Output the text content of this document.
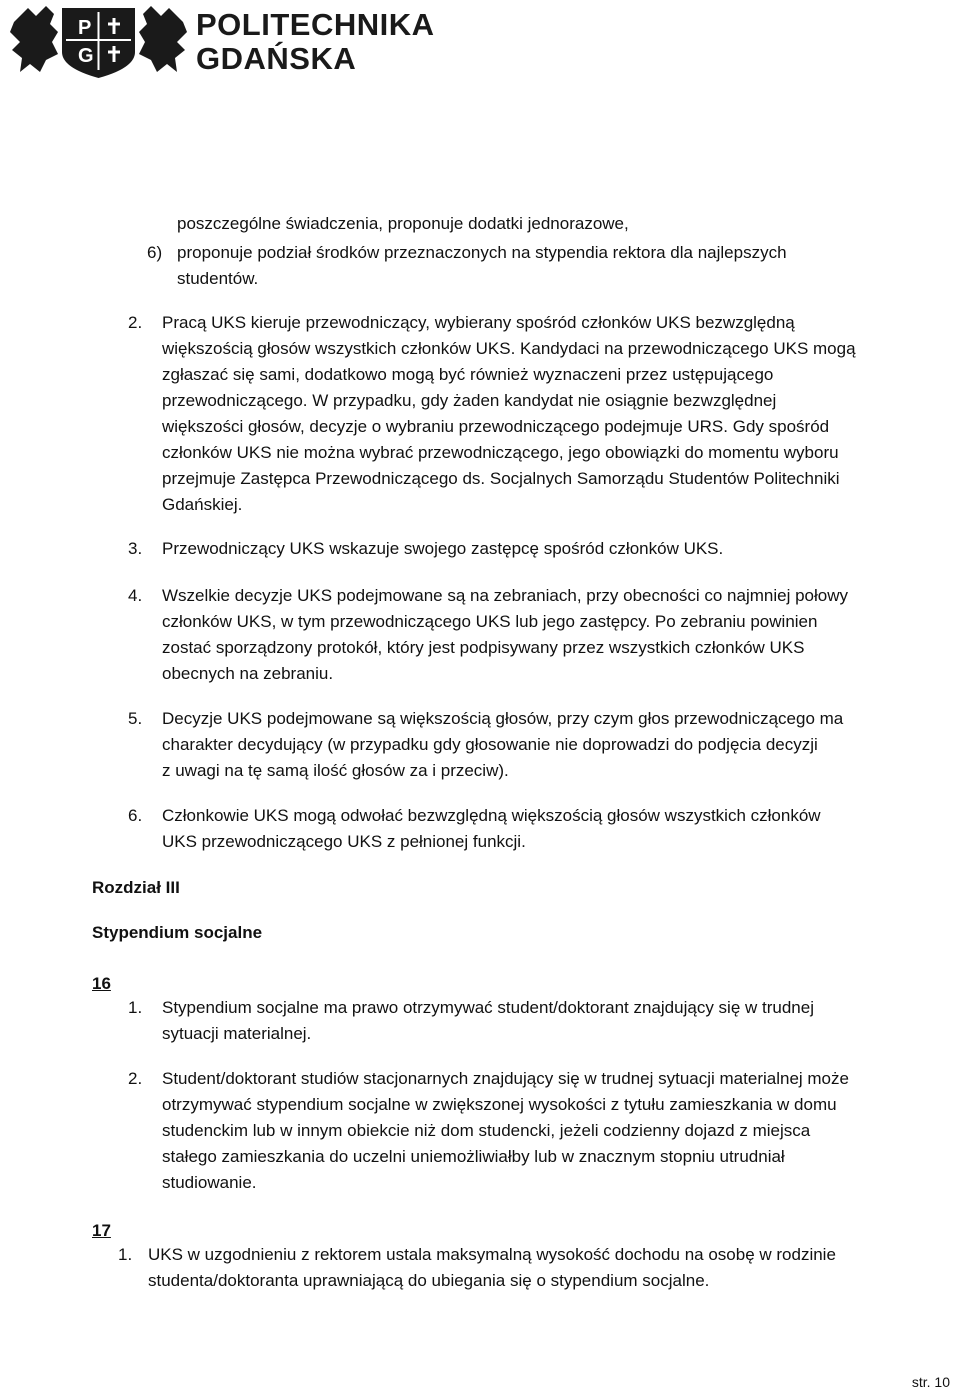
P
G
POLITECHNIKA
GDAŃSKA
poszczególne świadczenia, proponuje dodatki jednorazowe,
6) proponuje podział środków przeznaczonych na stypendia rektora dla najlepszych
studentów.
2. Pracą UKS kieruje przewodniczący, wybierany spośród członków UKS bezwzględną
większością głosów wszystkich członków UKS. Kandydaci na przewodniczącego UKS mogą
zgłaszać się sami, dodatkowo mogą być również wyznaczeni przez ustępującego
przewodniczącego. W przypadku, gdy żaden kandydat nie osiągnie bezwzględnej
większości głosów, decyzje o wybraniu przewodniczącego podejmuje URS. Gdy spośród
członków UKS nie można wybrać przewodniczącego, jego obowiązki do momentu wyboru
przejmuje Zastępca Przewodniczącego ds. Socjalnych Samorządu Studentów Politechniki
Gdańskiej.
3. Przewodniczący UKS wskazuje swojego zastępcę spośród członków UKS.
4. Wszelkie decyzje UKS podejmowane są na zebraniach, przy obecności co najmniej połowy
członków UKS, w tym przewodniczącego UKS lub jego zastępcy. Po zebraniu powinien
zostać sporządzony protokół, który jest podpisywany przez wszystkich członków UKS
obecnych na zebraniu.
5. Decyzje UKS podejmowane są większością głosów, przy czym głos przewodniczącego ma
charakter decydujący (w przypadku gdy głosowanie nie doprowadzi do podjęcia decyzji
z uwagi na tę samą ilość głosów za i przeciw).
6. Członkowie UKS mogą odwołać bezwzględną większością głosów wszystkich członków
UKS przewodniczącego UKS z pełnionej funkcji.
Rozdział III
Stypendium socjalne
16
1. Stypendium socjalne ma prawo otrzymywać student/doktorant znajdujący się w trudnej
sytuacji materialnej.
2. Student/doktorant studiów stacjonarnych znajdujący się w trudnej sytuacji materialnej może
otrzymywać stypendium socjalne w zwiększonej wysokości z tytułu zamieszkania w domu
studenckim lub w innym obiekcie niż dom studencki, jeżeli codzienny dojazd z miejsca
stałego zamieszkania do uczelni uniemożliwiałby lub w znacznym stopniu utrudniał
studiowanie.
17
1. UKS w uzgodnieniu z rektorem ustala maksymalną wysokość dochodu na osobę w rodzinie
studenta/doktoranta uprawniającą do ubiegania się o stypendium socjalne.
str. 10
